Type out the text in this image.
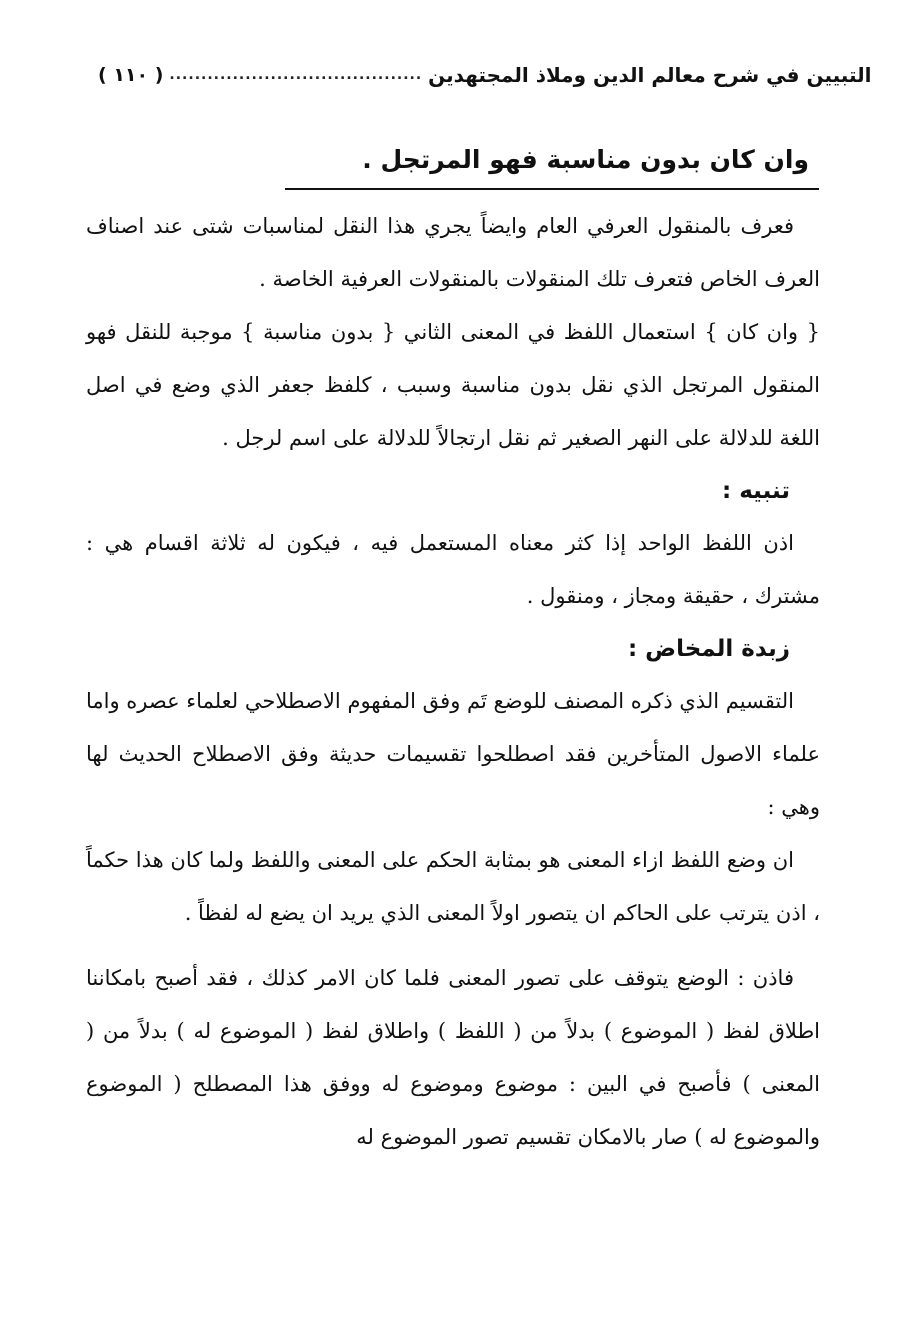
( ١١٠ ) ........................................ التبيين في شرح معالم الدين وملاذ المجتهدين
وان كان بدون مناسبة فهو المرتجل .

فعرف بالمنقول العرفي العام وايضاً يجري هذا النقل لمناسبات شتى عند اصناف العرف الخاص فتعرف تلك المنقولات بالمنقولات العرفية الخاصة .

{ وان كان } استعمال اللفظ في المعنى الثاني { بدون مناسبة } موجبة للنقل فهو المنقول المرتجل الذي نقل بدون مناسبة وسبب ، كلفظ جعفر الذي وضع في اصل اللغة للدلالة على النهر الصغير ثم نقل ارتجالاً للدلالة على اسم لرجل .

تنبيه :

اذن اللفظ الواحد إذا كثر معناه المستعمل فيه ، فيكون له ثلاثة اقسام هي : مشترك ، حقيقة ومجاز ، ومنقول .

زبدة المخاض :

التقسيم الذي ذكره المصنف للوضع تَم وفق المفهوم الاصطلاحي لعلماء عصره واما علماء الاصول المتأخرين فقد اصطلحوا تقسيمات حديثة وفق الاصطلاح الحديث لها وهي :

ان وضع اللفظ ازاء المعنى هو بمثابة الحكم على المعنى واللفظ ولما كان هذا حكماً ، اذن يترتب على الحاكم ان يتصور اولاً المعنى الذي يريد ان يضع له لفظاً .

فاذن : الوضع يتوقف على تصور المعنى فلما كان الامر كذلك ، فقد أصبح بامكاننا اطلاق لفظ ( الموضوع ) بدلاً من ( اللفظ ) واطلاق لفظ ( الموضوع له ) بدلاً من ( المعنى ) فأصبح في البين : موضوع وموضوع له ووفق هذا المصطلح ( الموضوع والموضوع له ) صار بالامكان تقسيم تصور الموضوع له
